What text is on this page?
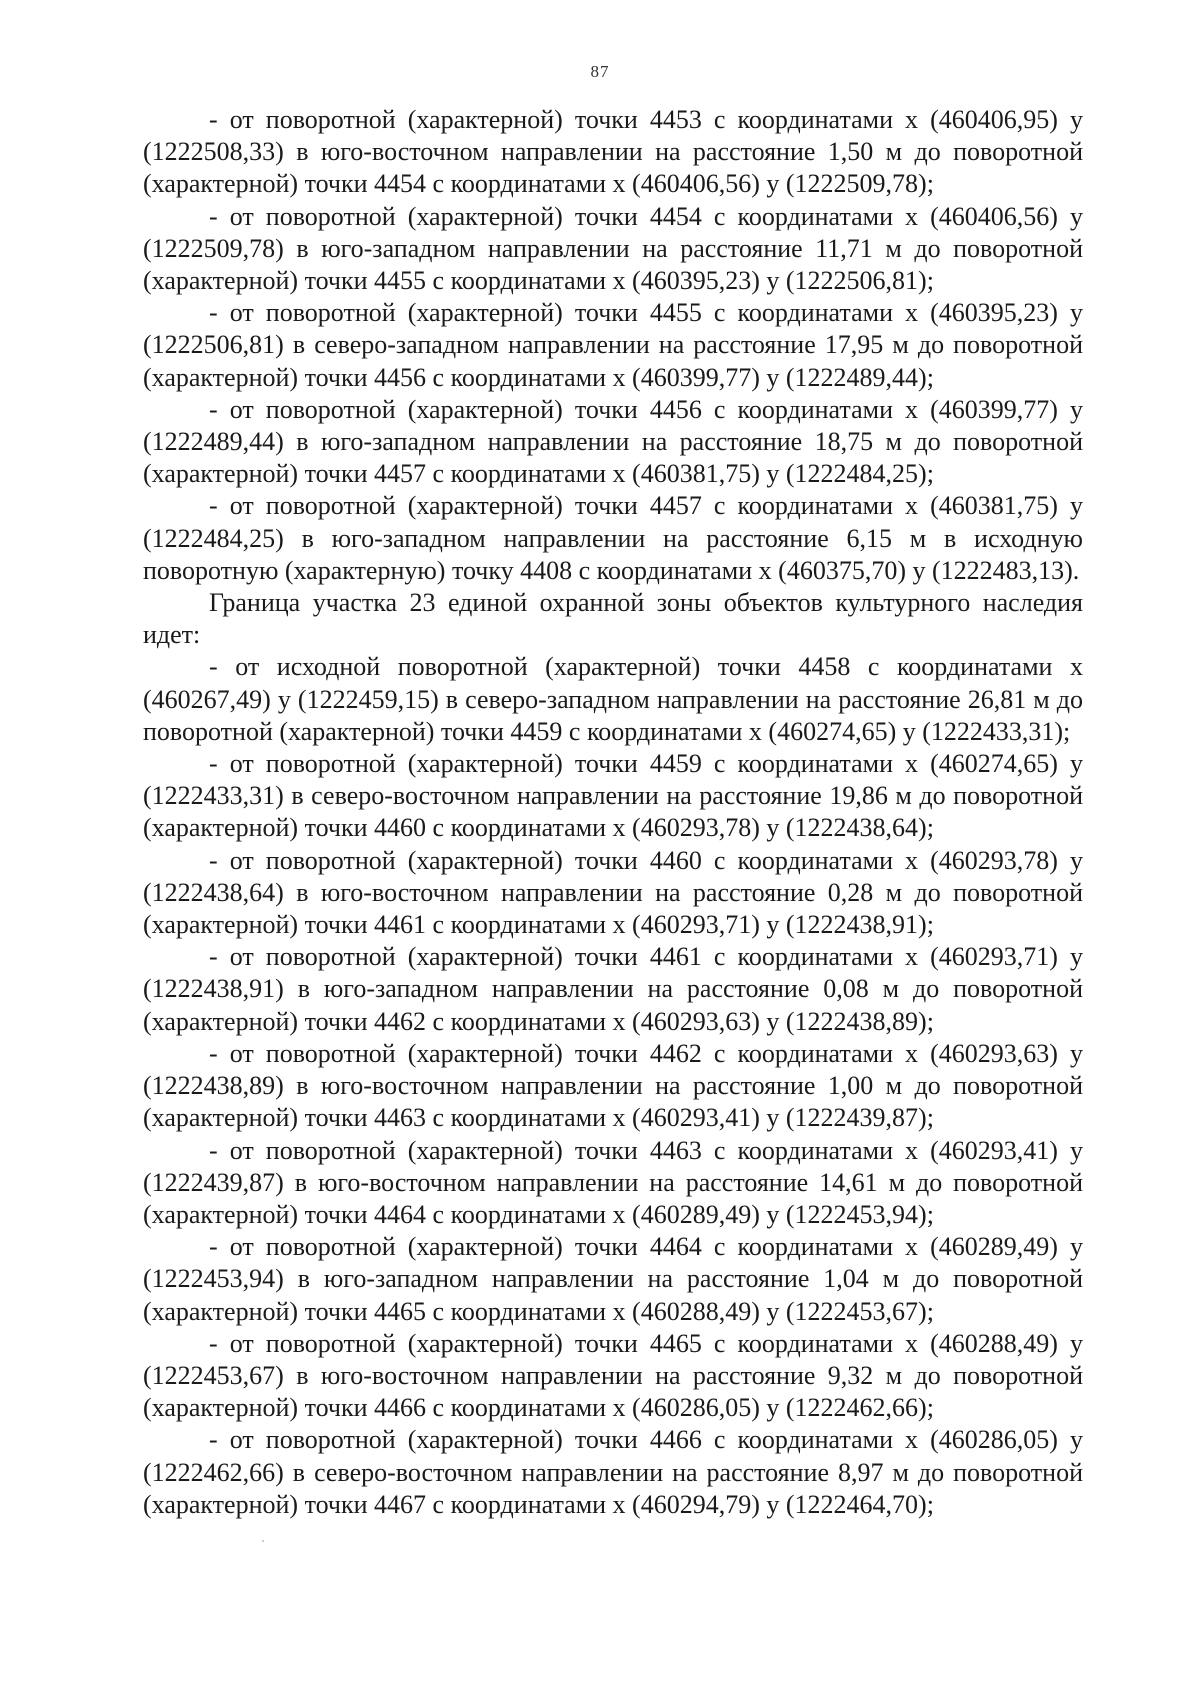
87

- от поворотной (характерной) точки 4453 с координатами х (460406,95) у (1222508,33) в юго-восточном направлении на расстояние 1,50 м до поворотной (характерной) точки 4454 с координатами х (460406,56) у (1222509,78);

- от поворотной (характерной) точки 4454 с координатами х (460406,56) у (1222509,78) в юго-западном направлении на расстояние 11,71 м до поворотной (характерной) точки 4455 с координатами х (460395,23) у (1222506,81);

- от поворотной (характерной) точки 4455 с координатами х (460395,23) у (1222506,81) в северо-западном направлении на расстояние 17,95 м до поворотной (характерной) точки 4456 с координатами х (460399,77) у (1222489,44);

- от поворотной (характерной) точки 4456 с координатами х (460399,77) у (1222489,44) в юго-западном направлении на расстояние 18,75 м до поворотной (характерной) точки 4457 с координатами х (460381,75) у (1222484,25);

- от поворотной (характерной) точки 4457 с координатами х (460381,75) у (1222484,25) в юго-западном направлении на расстояние 6,15 м в исходную поворотную (характерную) точку 4408 с координатами х (460375,70) у (1222483,13).

Граница участка 23 единой охранной зоны объектов культурного наследия идет:

- от исходной поворотной (характерной) точки 4458 с координатами х (460267,49) у (1222459,15) в северо-западном направлении на расстояние 26,81 м до поворотной (характерной) точки 4459 с координатами х (460274,65) у (1222433,31);

- от поворотной (характерной) точки 4459 с координатами х (460274,65) у (1222433,31) в северо-восточном направлении на расстояние 19,86 м до поворотной (характерной) точки 4460 с координатами х (460293,78) у (1222438,64);

- от поворотной (характерной) точки 4460 с координатами х (460293,78) у (1222438,64) в юго-восточном направлении на расстояние 0,28 м до поворотной (характерной) точки 4461 с координатами х (460293,71) у (1222438,91);

- от поворотной (характерной) точки 4461 с координатами х (460293,71) у (1222438,91) в юго-западном направлении на расстояние 0,08 м до поворотной (характерной) точки 4462 с координатами х (460293,63) у (1222438,89);

- от поворотной (характерной) точки 4462 с координатами х (460293,63) у (1222438,89) в юго-восточном направлении на расстояние 1,00 м до поворотной (характерной) точки 4463 с координатами х (460293,41) у (1222439,87);

- от поворотной (характерной) точки 4463 с координатами х (460293,41) у (1222439,87) в юго-восточном направлении на расстояние 14,61 м до поворотной (характерной) точки 4464 с координатами х (460289,49) у (1222453,94);

- от поворотной (характерной) точки 4464 с координатами х (460289,49) у (1222453,94) в юго-западном направлении на расстояние 1,04 м до поворотной (характерной) точки 4465 с координатами х (460288,49) у (1222453,67);

- от поворотной (характерной) точки 4465 с координатами х (460288,49) у (1222453,67) в юго-восточном направлении на расстояние 9,32 м до поворотной (характерной) точки 4466 с координатами х (460286,05) у (1222462,66);

- от поворотной (характерной) точки 4466 с координатами х (460286,05) у (1222462,66) в северо-восточном направлении на расстояние 8,97 м до поворотной (характерной) точки 4467 с координатами х (460294,79) у (1222464,70);
